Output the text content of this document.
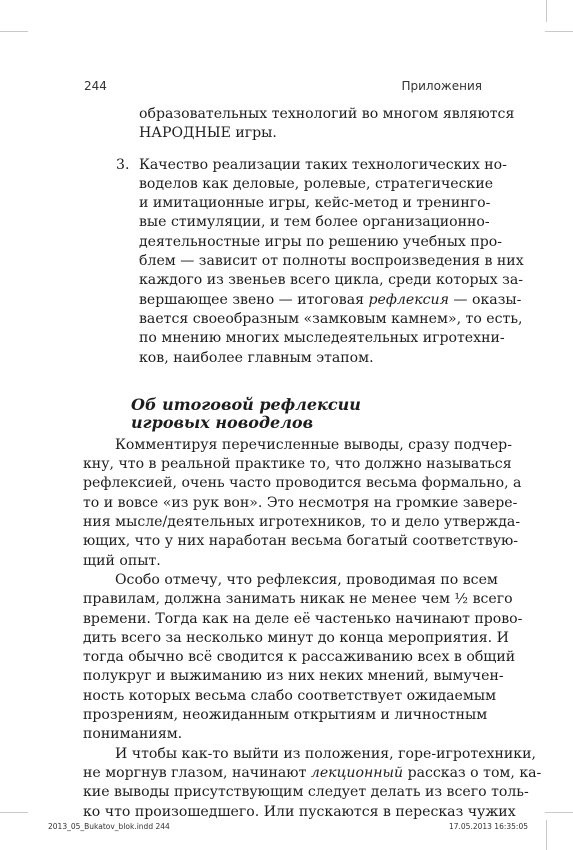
244	Приложения
образовательных технологий во многом являются
НАРОДНЫЕ игры.
3. Качество реализации таких технологических но-
воделов как деловые, ролевые, стратегические
и имитационные игры, кейс-метод и тренинго-
вые стимуляции, и тем более организационно-
деятельностные игры по решению учебных про-
блем — зависит от полноты воспроизведения в них
каждого из звеньев всего цикла, среди которых за-
вершающее звено — итоговая рефлексия — оказы-
вается своеобразным «замковым камнем», то есть,
по мнению многих мыследеятельных игротехни-
ков, наиболее главным этапом.
Об итоговой рефлексии
игровых новоделов
Комментируя перечисленные выводы, сразу подчер-
кну, что в реальной практике то, что должно называться
рефлексией, очень часто проводится весьма формально, а
то и вовсе «из рук вон». Это несмотря на громкие завере-
ния мысле/деятельных игротехников, то и дело утвержда-
ющих, что у них наработан весьма богатый соответствую-
щий опыт.
Особо отмечу, что рефлексия, проводимая по всем
правилам, должна занимать никак не менее чем ½ всего
времени. Тогда как на деле её частенько начинают прово-
дить всего за несколько минут до конца мероприятия. И
тогда обычно всё сводится к рассаживанию всех в общий
полукруг и выжиманию из них неких мнений, вымучен-
ность которых весьма слабо соответствует ожидаемым
прозрениям, неожиданным открытиям и личностным
пониманиям.
И чтобы как-то выйти из положения, горе-игротехники,
не моргнув глазом, начинают лекционный рассказ о том, ка-
кие выводы присутствующим следует делать из всего толь-
ко что произошедшего. Или пускаются в пересказ чужих
2013_05_Bukatov_blok.indd 244	17.05.2013 16:35:05
